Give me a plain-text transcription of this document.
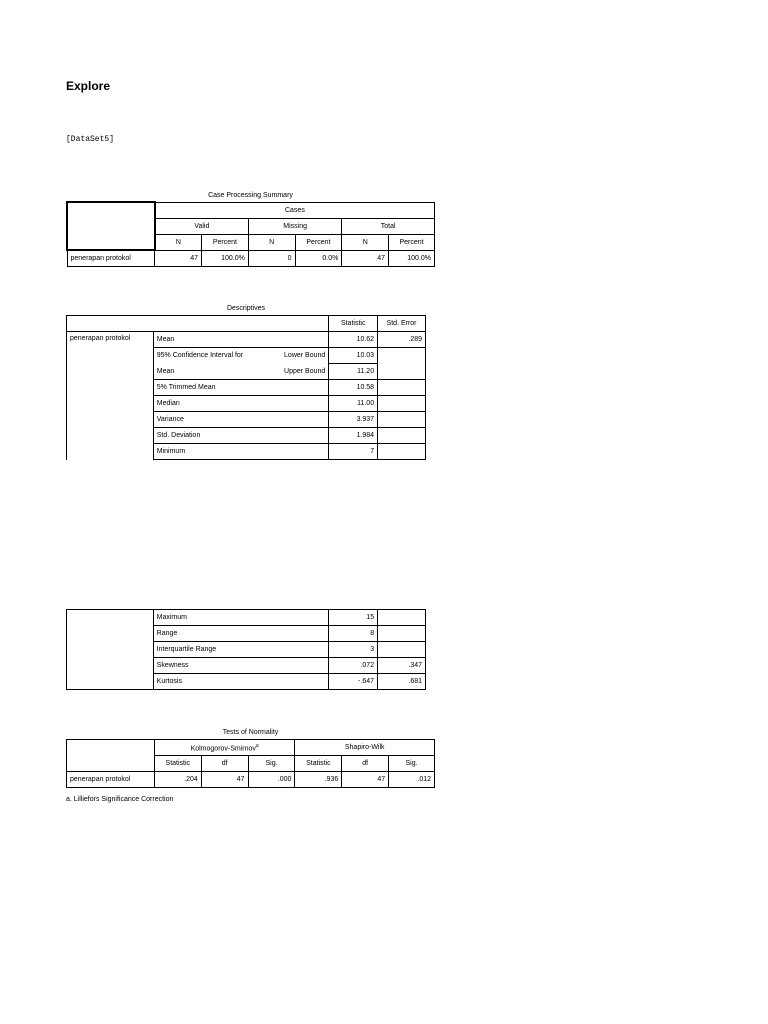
Explore
[DataSet5]
Case Processing Summary
	Cases					
	Valid		Missing		Total	
	N	Percent	N	Percent	N	Percent
penerapan protokol	47	100.0%	0	0.0%	47	100.0%
Descriptives
		Statistic	Std. Error
penerapan protokol	Mean	10.62	.289

	95% Confidence Interval for Lower Bound	10.03	

	Mean Upper Bound	11.20	
	5% Trimmed Mean	10.58	
	Median	11.00	
	Variance	3.937	
	Std. Deviation	1.984	
	Minimum	7	
	Maximum	15	
	Range	8	
	Interquartile Range	3	
	Skewness	.072	.347
	Kurtosis	-.647	.681
Tests of Normality
	Kolmogorov-Smirnov$^a$			Shapiro-Wilk		
	Statistic	df	Sig.	Statistic	df	Sig.
penerapan protokol	.204	47	.000	.936	47	.012
a. Lilliefors Significance Correction
